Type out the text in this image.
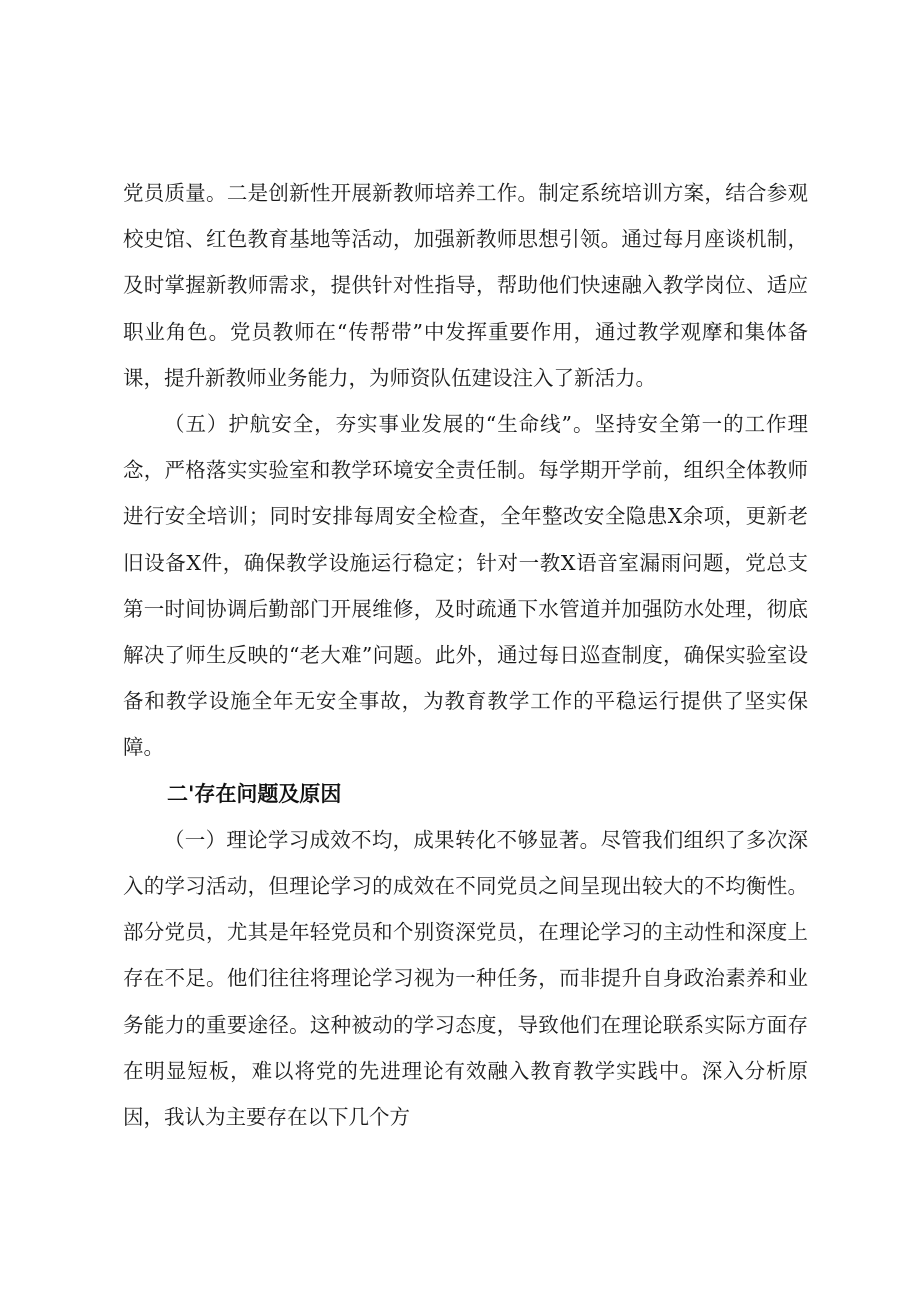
党员质量。二是创新性开展新教师培养工作。制定系统培训方案，结合参观校史馆、红色教育基地等活动，加强新教师思想引领。通过每月座谈机制，及时掌握新教师需求，提供针对性指导，帮助他们快速融入教学岗位、适应职业角色。党员教师在“传帮带”中发挥重要作用，通过教学观摩和集体备课，提升新教师业务能力，为师资队伍建设注入了新活力。

（五）护航安全，夯实事业发展的“生命线”。坚持安全第一的工作理念，严格落实实验室和教学环境安全责任制。每学期开学前，组织全体教师进行安全培训；同时安排每周安全检查，全年整改安全隐患X余项，更新老旧设备X件，确保教学设施运行稳定；针对一教X语音室漏雨问题，党总支第一时间协调后勤部门开展维修，及时疏通下水管道并加强防水处理，彻底解决了师生反映的“老大难”问题。此外，通过每日巡查制度，确保实验室设备和教学设施全年无安全事故，为教育教学工作的平稳运行提供了坚实保障。

二'存在问题及原因

（一）理论学习成效不均，成果转化不够显著。尽管我们组织了多次深入的学习活动，但理论学习的成效在不同党员之间呈现出较大的不均衡性。部分党员，尤其是年轻党员和个别资深党员，在理论学习的主动性和深度上存在不足。他们往往将理论学习视为一种任务，而非提升自身政治素养和业务能力的重要途径。这种被动的学习态度，导致他们在理论联系实际方面存在明显短板，难以将党的先进理论有效融入教育教学实践中。深入分析原因，我认为主要存在以下几个方
